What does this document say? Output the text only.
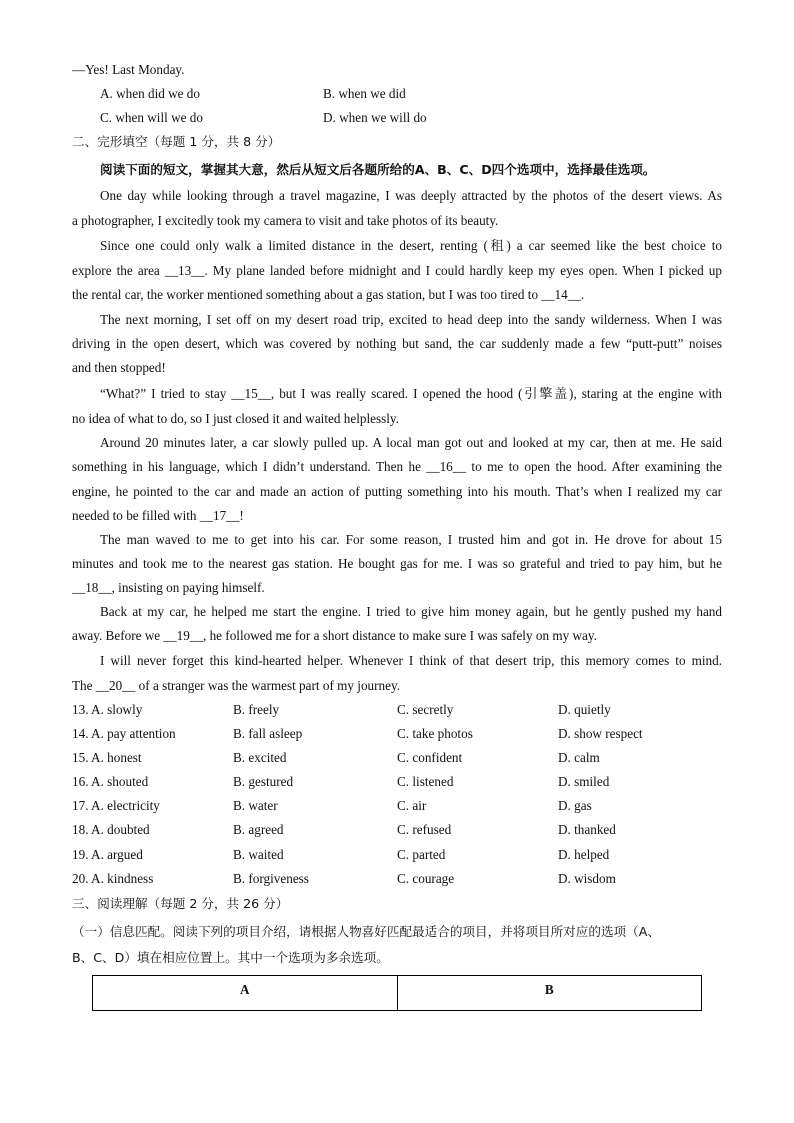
—Yes! Last Monday.
A. when did we do	B. when we did
C. when will we do	D. when we will do
二、完形填空（每题 1 分，共 8 分）
阅读下面的短文，掌握其大意，然后从短文后各题所给的A、B、C、D四个选项中，选择最佳选项。
One day while looking through a travel magazine, I was deeply attracted by the photos of the desert views. As
a photographer, I excitedly took my camera to visit and take photos of its beauty.
Since one could only walk a limited distance in the desert, renting (租) a car seemed like the best choice to
explore the area __13__. My plane landed before midnight and I could hardly keep my eyes open. When I picked up
the rental car, the worker mentioned something about a gas station, but I was too tired to __14__.
The next morning, I set off on my desert road trip, excited to head deep into the sandy wilderness. When I was
driving in the open desert, which was covered by nothing but sand, the car suddenly made a few “putt-putt” noises
and then stopped!
“What?” I tried to stay __15__, but I was really scared. I opened the hood (引擎盖), staring at the engine with
no idea of what to do, so I just closed it and waited helplessly.
Around 20 minutes later, a car slowly pulled up. A local man got out and looked at my car, then at me. He said
something in his language, which I didn’t understand. Then he __16__ to me to open the hood. After examining the
engine, he pointed to the car and made an action of putting something into his mouth. That’s when I realized my car
needed to be filled with __17__!
The man waved to me to get into his car. For some reason, I trusted him and got in. He drove for about 15
minutes and took me to the nearest gas station. He bought gas for me. I was so grateful and tried to pay him, but he
__18__, insisting on paying himself.
Back at my car, he helped me start the engine. I tried to give him money again, but he gently pushed my hand
away. Before we __19__, he followed me for a short distance to make sure I was safely on my way.
I will never forget this kind-hearted helper. Whenever I think of that desert trip, this memory comes to mind.
The __20__ of a stranger was the warmest part of my journey.
13. A. slowly	B. freely	C. secretly	D. quietly
14. A. pay attention	B. fall asleep	C. take photos	D. show respect
15. A. honest	B. excited	C. confident	D. calm
16. A. shouted	B. gestured	C. listened	D. smiled
17. A. electricity	B. water	C. air	D. gas
18. A. doubted	B. agreed	C. refused	D. thanked
19. A. argued	B. waited	C. parted	D. helped
20. A. kindness	B. forgiveness	C. courage	D. wisdom
三、阅读理解（每题 2 分，共 26 分）
（一）信息匹配。阅读下列的项目介绍，请根据人物喜好匹配最适合的项目，并将项目所对应的选项（A、
B、C、D）填在相应位置上。其中一个选项为多余选项。
A	B
